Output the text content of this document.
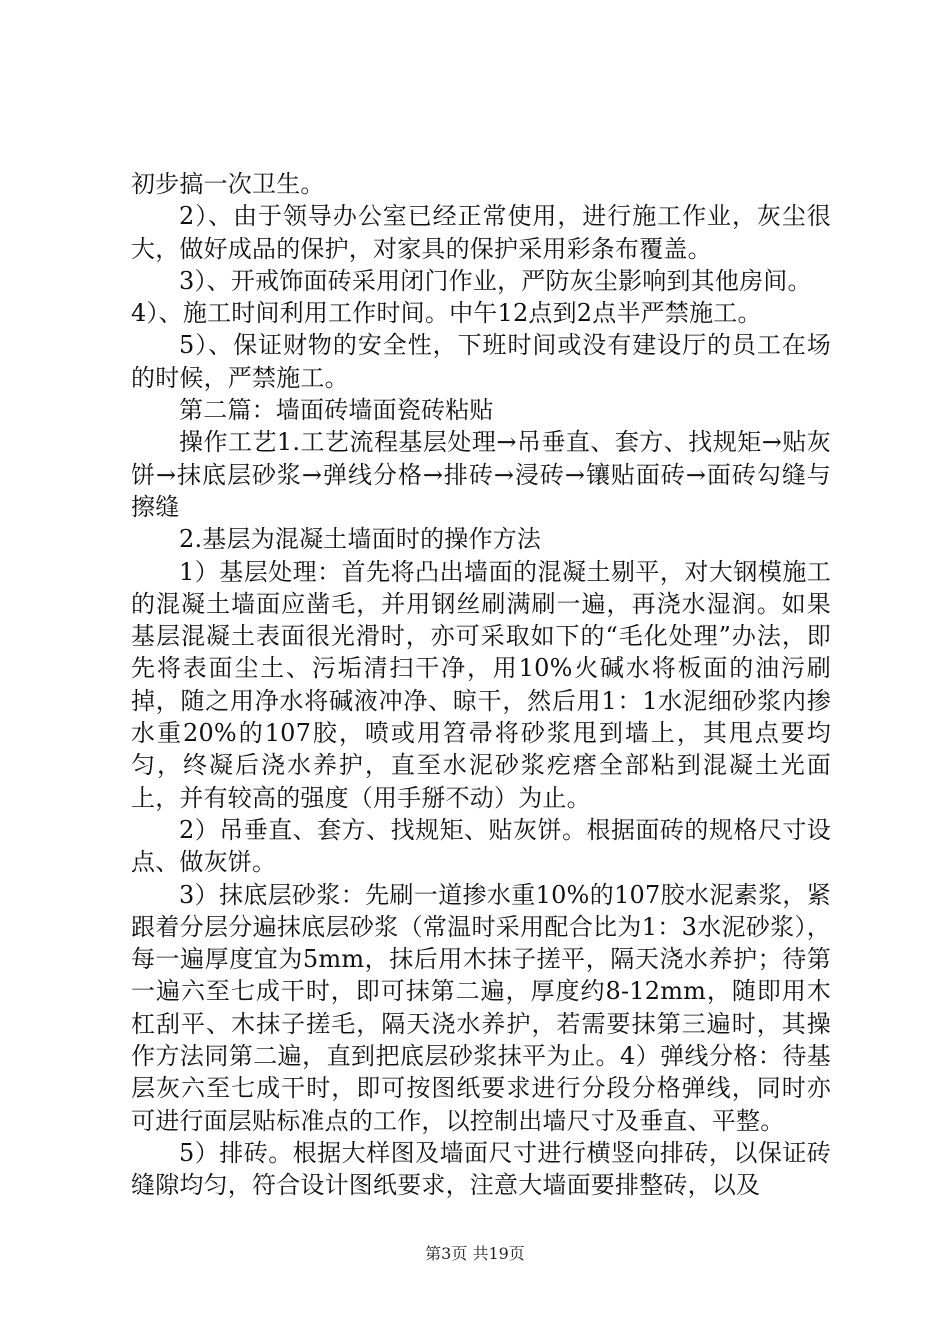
初步搞一次卫生。

2）、由于领导办公室已经正常使用，进行施工作业，灰尘很大，做好成品的保护，对家具的保护采用彩条布覆盖。

3）、开戒饰面砖采用闭门作业，严防灰尘影响到其他房间。

4）、施工时间利用工作时间。中午12点到2点半严禁施工。

5）、保证财物的安全性，下班时间或没有建设厅的员工在场的时候，严禁施工。

第二篇：墙面砖墙面瓷砖粘贴

操作工艺1.工艺流程基层处理→吊垂直、套方、找规矩→贴灰饼→抹底层砂浆→弹线分格→排砖→浸砖→镶贴面砖→面砖勾缝与擦缝

2.基层为混凝土墙面时的操作方法

1）基层处理：首先将凸出墙面的混凝土剔平，对大钢模施工的混凝土墙面应凿毛，并用钢丝刷满刷一遍，再浇水湿润。如果基层混凝土表面很光滑时，亦可采取如下的“毛化处理”办法，即先将表面尘土、污垢清扫干净，用10%火碱水将板面的油污刷掉，随之用净水将碱液冲净、晾干，然后用1：1水泥细砂浆内掺水重20%的107胶，喷或用笤帚将砂浆甩到墙上，其甩点要均匀，终凝后浇水养护，直至水泥砂浆疙瘩全部粘到混凝土光面上，并有较高的强度（用手掰不动）为止。

2）吊垂直、套方、找规矩、贴灰饼。根据面砖的规格尺寸设点、做灰饼。

3）抹底层砂浆：先刷一道掺水重10%的107胶水泥素浆，紧跟着分层分遍抹底层砂浆（常温时采用配合比为1：3水泥砂浆），每一遍厚度宜为5mm，抹后用木抹子搓平，隔天浇水养护；待第一遍六至七成干时，即可抹第二遍，厚度约8-12mm，随即用木杠刮平、木抹子搓毛，隔天浇水养护，若需要抹第三遍时，其操作方法同第二遍，直到把底层砂浆抹平为止。4）弹线分格：待基层灰六至七成干时，即可按图纸要求进行分段分格弹线，同时亦可进行面层贴标准点的工作，以控制出墙尺寸及垂直、平整。

5）排砖。根据大样图及墙面尺寸进行横竖向排砖，以保证砖缝隙均匀，符合设计图纸要求，注意大墙面要排整砖，以及

第3页 共19页
